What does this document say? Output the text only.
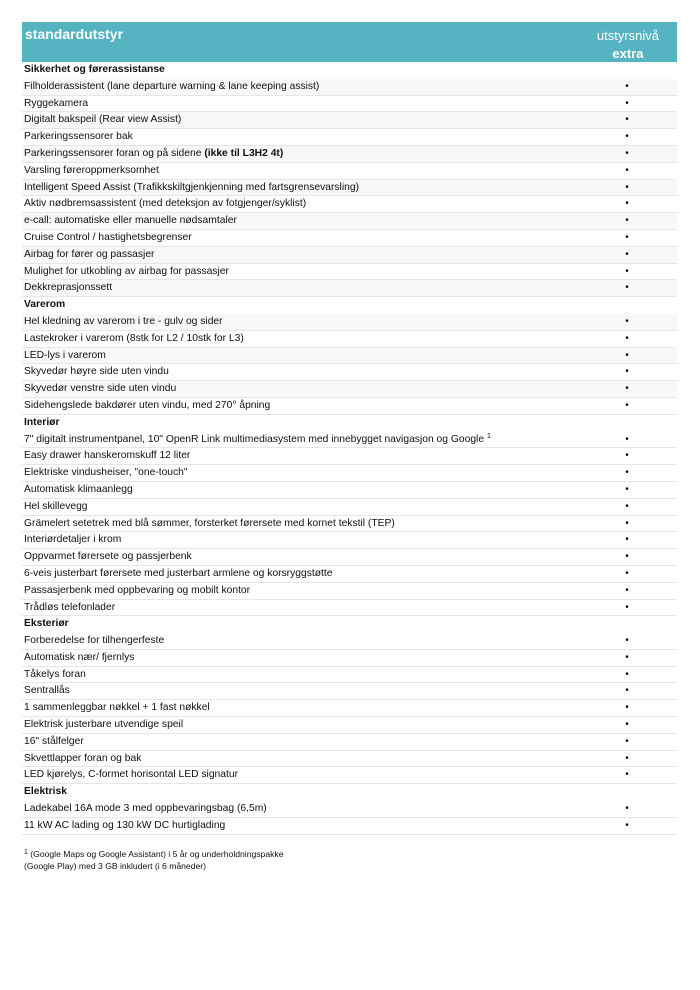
standardutstyr	utstyrsnivå
extra
Sikkerhet og førerassistanse
Filholderassistent (lane departure warning & lane keeping assist)	•
Ryggekamera	•
Digitalt bakspeil (Rear view Assist)	•
Parkeringssensorer bak	•
Parkeringssensorer foran og på sidene (ikke til L3H2 4t)	•
Varsling føreroppmerksomhet	•
Intelligent Speed Assist (Trafikkskiltgjenkjenning med fartsgrensevarsling)	•
Aktiv nødbremsassistent (med deteksjon av fotgjenger/syklist)	•
e-call: automatiske eller manuelle nødsamtaler	•
Cruise Control / hastighetsbegrenser	•
Airbag for fører og passasjer	•
Mulighet for utkobling av airbag for passasjer	•
Dekkreprasjonssett	•
Varerom
Hel kledning av varerom i tre - gulv og sider	•
Lastekroker i varerom (8stk for L2 / 10stk for L3)	•
LED-lys i varerom	•
Skyvedør høyre side uten vindu	•
Skyvedør venstre side uten vindu	•
Sidehengslede bakdører uten vindu, med 270° åpning	•
Interiør
7" digitalt instrumentpanel, 10" OpenR Link multimediasystem med innebygget navigasjon og Google $^1$	•
Easy drawer hanskeromskuff 12 liter	•
Elektriske vindusheiser, "one-touch"	•
Automatisk klimaanlegg	•
Hel skillevegg	•
Grämelert setetrek med blå sømmer, forsterket førersete med kornet tekstil (TEP)	•
Interiørdetaljer i krom	•
Oppvarmet førersete og passjerbenk	•
6-veis justerbart førersete med justerbart armlene og korsryggstøtte	•
Passasjerbenk med oppbevaring og mobilt kontor	•
Trådløs telefonlader	•
Eksteriør
Forberedelse for tilhengerfeste	•
Automatisk nær/ fjernlys	•
Tåkelys foran	•
Sentrallås	•
1 sammenleggbar nøkkel + 1 fast nøkkel	•
Elektrisk justerbare utvendige speil	•
16" stålfelger	•
Skvettlapper foran og bak	•
LED kjørelys, C-formet horisontal LED signatur	•
Elektrisk
Ladekabel 16A mode 3 med oppbevaringsbag (6,5m)	•
11 kW AC lading og 130 kW DC hurtiglading	•
$^1$ (Google Maps og Google Assistant) i 5 år og underholdningspakke
(Google Play) med 3 GB inkludert (i 6 måneder)
